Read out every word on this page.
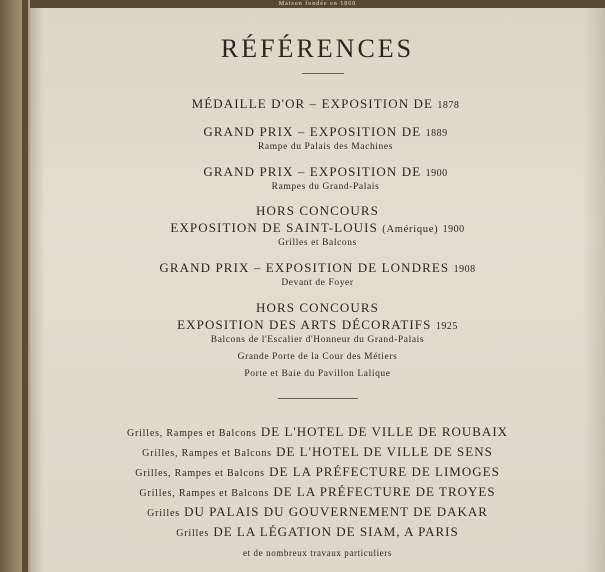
Maison fondée en 1860
RÉFÉRENCES
MÉDAILLE D'OR – EXPOSITION DE 1878
GRAND PRIX – EXPOSITION DE 1889
Rampe du Palais des Machines
GRAND PRIX – EXPOSITION DE 1900
Rampes du Grand-Palais
HORS CONCOURS
EXPOSITION DE SAINT-LOUIS (Amérique) 1900
Grilles et Balcons
GRAND PRIX – EXPOSITION DE LONDRES 1908
Devant de Foyer
HORS CONCOURS
EXPOSITION DES ARTS DÉCORATIFS 1925
Balcons de l'Escalier d'Honneur du Grand-Palais
Grande Porte de la Cour des Métiers
Porte et Baie du Pavillon Lalique
Grilles, Rampes et Balcons DE L'HOTEL DE VILLE DE ROUBAIX
Grilles, Rampes et Balcons DE L'HOTEL DE VILLE DE SENS
Grilles, Rampes et Balcons DE LA PRÉFECTURE DE LIMOGES
Grilles, Rampes et Balcons DE LA PRÉFECTURE DE TROYES
Grilles DU PALAIS DU GOUVERNEMENT DE DAKAR
Grilles DE LA LÉGATION DE SIAM, A PARIS
et de nombreux travaux particuliers
